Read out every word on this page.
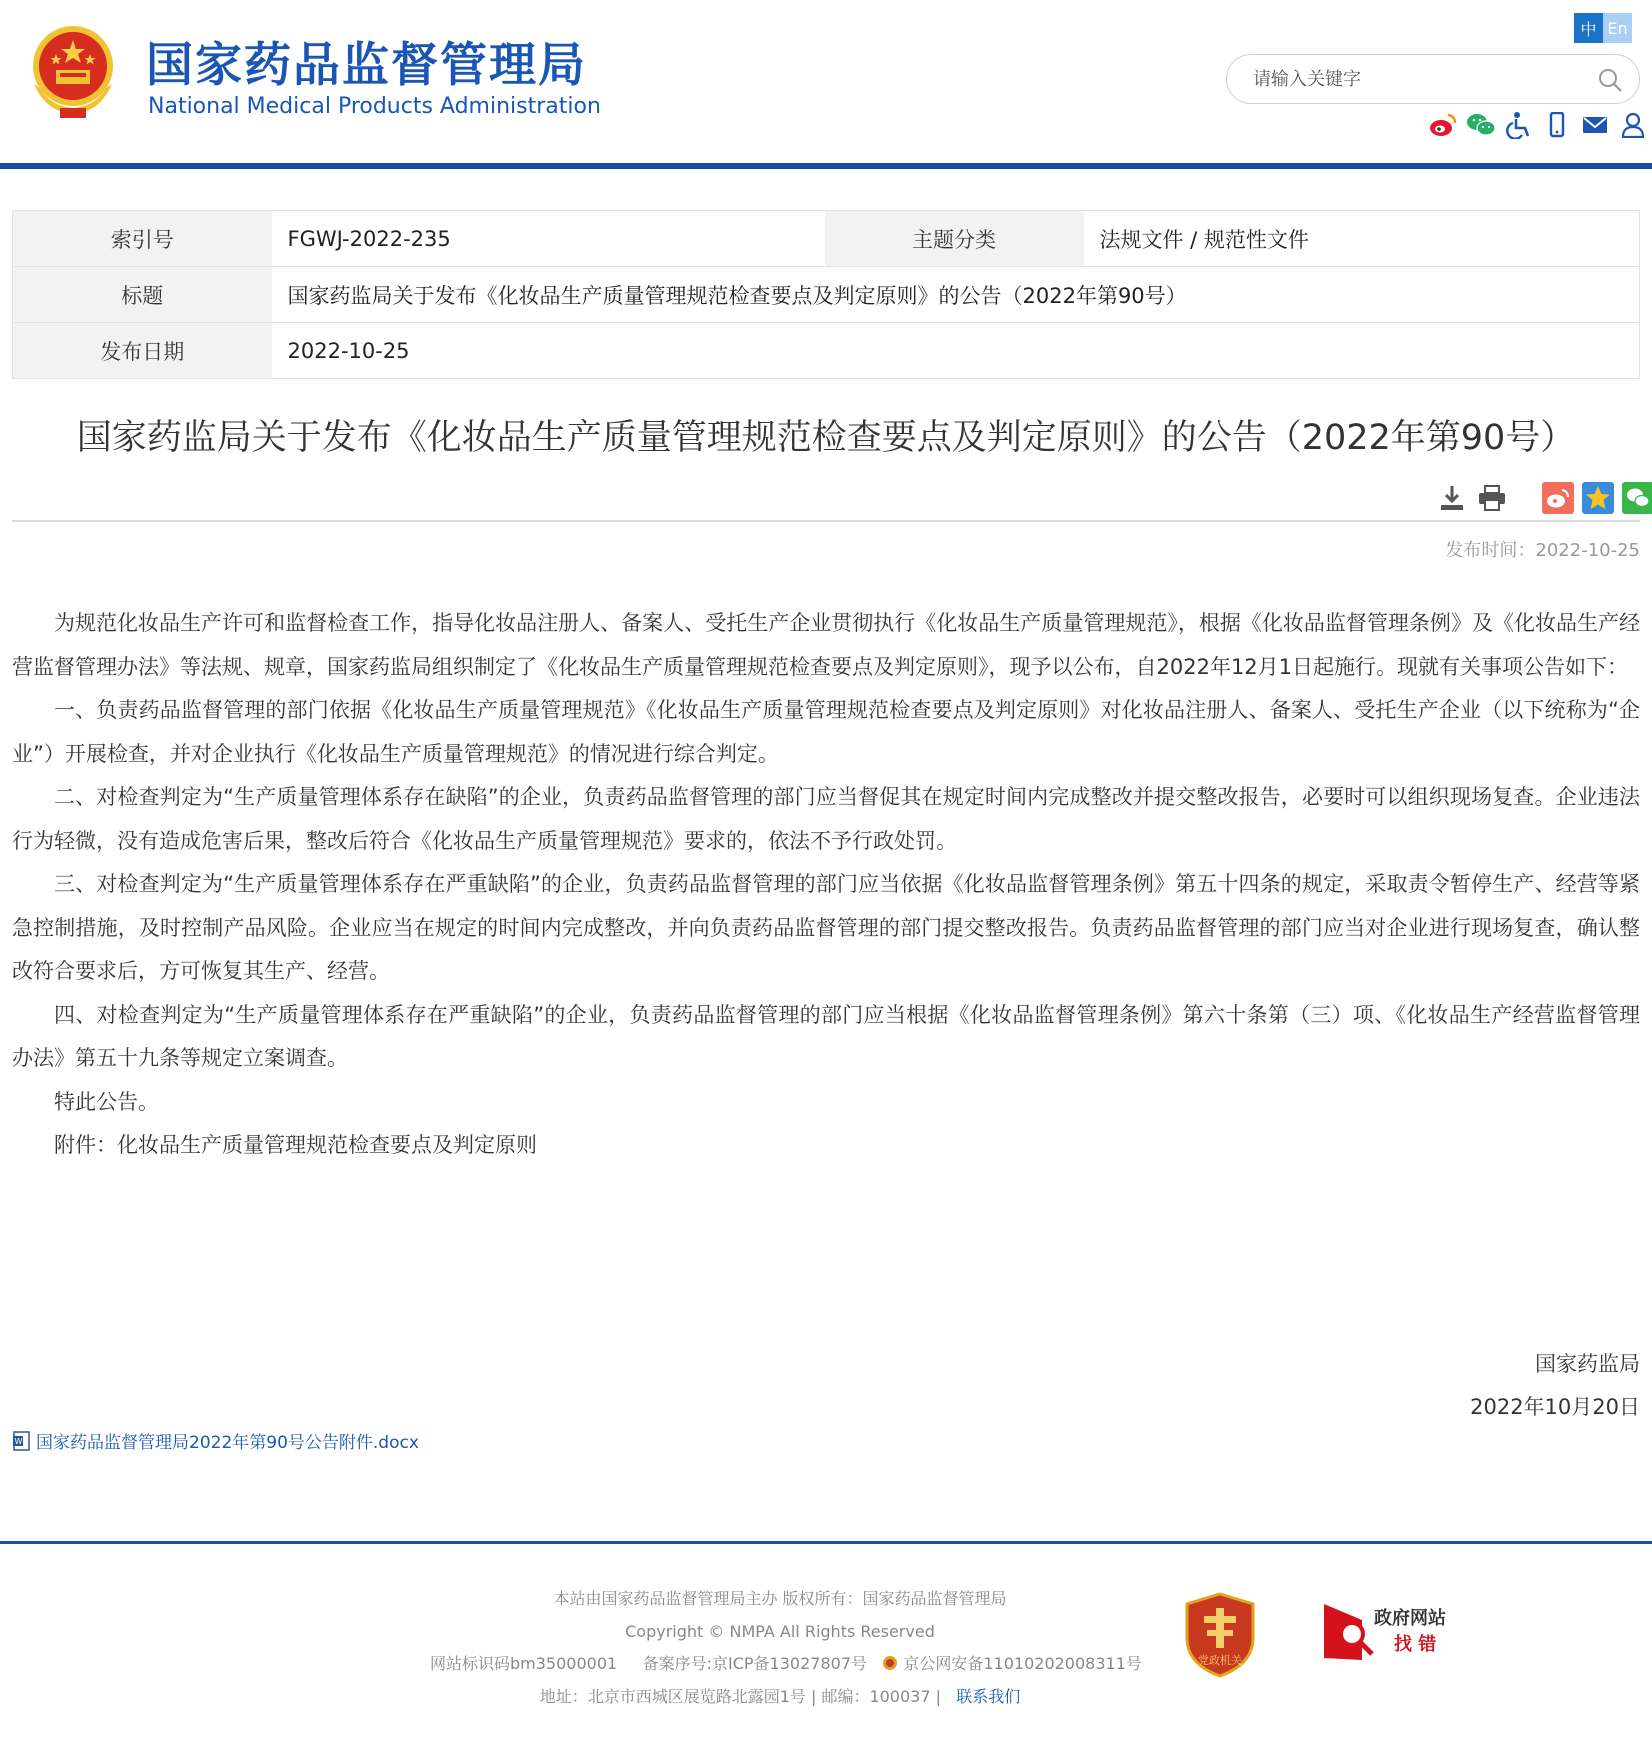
国家药品监督管理局
National Medical Products Administration
中 En
请输入关键字
索引号	FGWJ-2022-235	主题分类	法规文件 / 规范性文件
标题	国家药监局关于发布《化妆品生产质量管理规范检查要点及判定原则》的公告（2022年第90号）		
发布日期	2022-10-25		
国家药监局关于发布《化妆品生产质量管理规范检查要点及判定原则》的公告（2022年第90号）
发布时间：2022-10-25

为规范化妆品生产许可和监督检查工作，指导化妆品注册人、备案人、受托生产企业贯彻执行《化妆品生产质量管理规范》，根据《化妆品监督管理条例》及《化妆品生产经营监督管理办法》等法规、规章，国家药监局组织制定了《化妆品生产质量管理规范检查要点及判定原则》，现予以公布，自2022年12月1日起施行。现就有关事项公告如下：

一、负责药品监督管理的部门依据《化妆品生产质量管理规范》《化妆品生产质量管理规范检查要点及判定原则》对化妆品注册人、备案人、受托生产企业（以下统称为“企业”）开展检查，并对企业执行《化妆品生产质量管理规范》的情况进行综合判定。

二、对检查判定为“生产质量管理体系存在缺陷”的企业，负责药品监督管理的部门应当督促其在规定时间内完成整改并提交整改报告，必要时可以组织现场复查。企业违法行为轻微，没有造成危害后果，整改后符合《化妆品生产质量管理规范》要求的，依法不予行政处罚。

三、对检查判定为“生产质量管理体系存在严重缺陷”的企业，负责药品监督管理的部门应当依据《化妆品监督管理条例》第五十四条的规定，采取责令暂停生产、经营等紧急控制措施，及时控制产品风险。企业应当在规定的时间内完成整改，并向负责药品监督管理的部门提交整改报告。负责药品监督管理的部门应当对企业进行现场复查，确认整改符合要求后，方可恢复其生产、经营。

四、对检查判定为“生产质量管理体系存在严重缺陷”的企业，负责药品监督管理的部门应当根据《化妆品监督管理条例》第六十条第（三）项、《化妆品生产经营监督管理办法》第五十九条等规定立案调查。

特此公告。

附件：化妆品生产质量管理规范检查要点及判定原则

国家药监局
2022年10月20日
W 国家药品监督管理局2022年第90号公告附件.docx
本站由国家药品监督管理局主办 版权所有：国家药品监督管理局
Copyright © NMPA All Rights Reserved
网站标识码bm35000001 备案序号:京ICP备13027807号 京公网安备11010202008311号
地址：北京市西城区展览路北露园1号 | 邮编：100037 | 联系我们
党政机关
政府网站
找 错
